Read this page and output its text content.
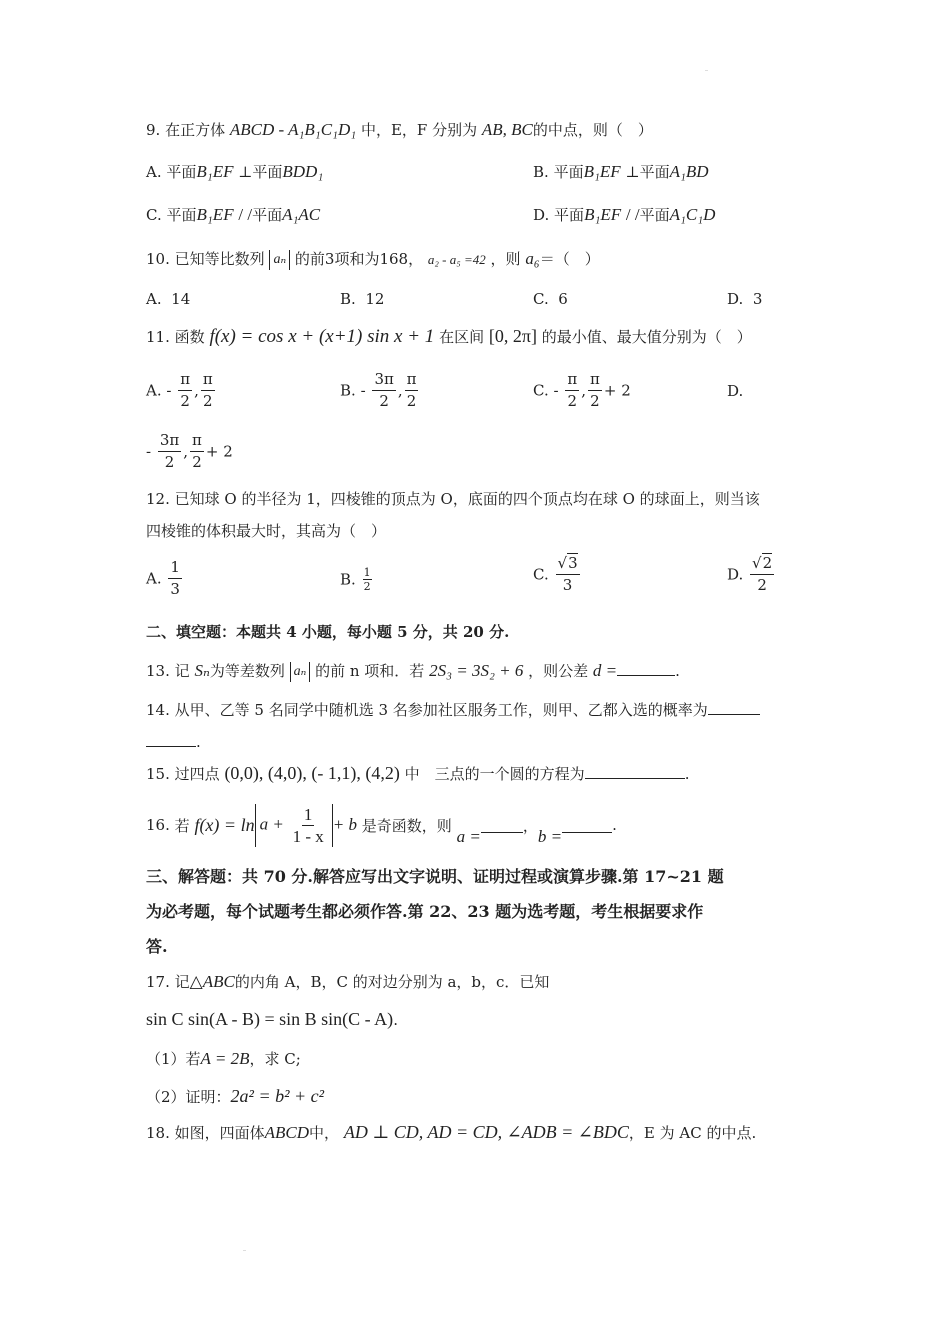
9. 在正方体 ABCD - A₁B₁C₁D₁ 中，E，F 分别为 AB, BC的中点，则（　）
A. 平面B₁EF ⊥平面BDD₁	B. 平面B₁EF ⊥平面A₁BD
C. 平面B₁EF / /平面A₁AC	D. 平面B₁EF / /平面A₁C₁D
10. 已知等比数列 aₙ 的前3项和为168， a₂ - a₅ =42 ，则 a₆＝（　）
A. 14	B. 12	C. 6	D. 3
11. 函数 f(x) = cos x + (x+1) sin x + 1 在区间 [0, 2π] 的最小值、最大值分别为（　）
A. - $\frac{\pi}{2}$ , $\frac{\pi}{2}$	B. - $\frac{3\pi}{2}$ , $\frac{\pi}{2}$	C. - $\frac{\pi}{2}$ , $\frac{\pi}{2} + 2$	D.
- $\frac{3\pi}{2}$ , $\frac{\pi}{2} + 2$
12. 已知球 O 的半径为 1，四棱锥的顶点为 O，底面的四个顶点均在球 O 的球面上，则当该
四棱锥的体积最大时，其高为（　）
A. $\frac{1}{3}$	B. $\frac{1}{2}$	C. $\frac{√3}{3}$	D. $\frac{√2}{2}$
二、填空题：本题共 4 小题，每小题 5 分，共 20 分.
13. 记 Sₙ为等差数列 aₙ 的前 n 项和．若 2S₃ = 3S₂ + 6 ，则公差 d =	.
14. 从甲、乙等 5 名同学中随机选 3 名参加社区服务工作，则甲、乙都入选的概率为
.
15. 过四点 (0,0), (4,0), (- 1,1), (4,2) 中　三点的一个圆的方程为	.
16.
若
$f(x) = \ln a + \frac{1}{1 - x} + b$
是奇函数，则

a =
，
b =
.
三、解答题：共 70 分.解答应写出文字说明、证明过程或演算步骤.第 17~21 题
为必考题，每个试题考生都必须作答.第 22、23 题为选考题，考生根据要求作
答.
17. 记△ABC的内角 A，B，C 的对边分别为 a，b，c．已知
sin C sin(A - B) = sin B sin(C - A).
（1）若A = 2B，求 C;
（2）证明：2a² = b² + c²
18. 如图，四面体ABCD中， AD ⊥ CD, AD = CD, ∠ADB = ∠BDC，E 为 AC 的中点.
